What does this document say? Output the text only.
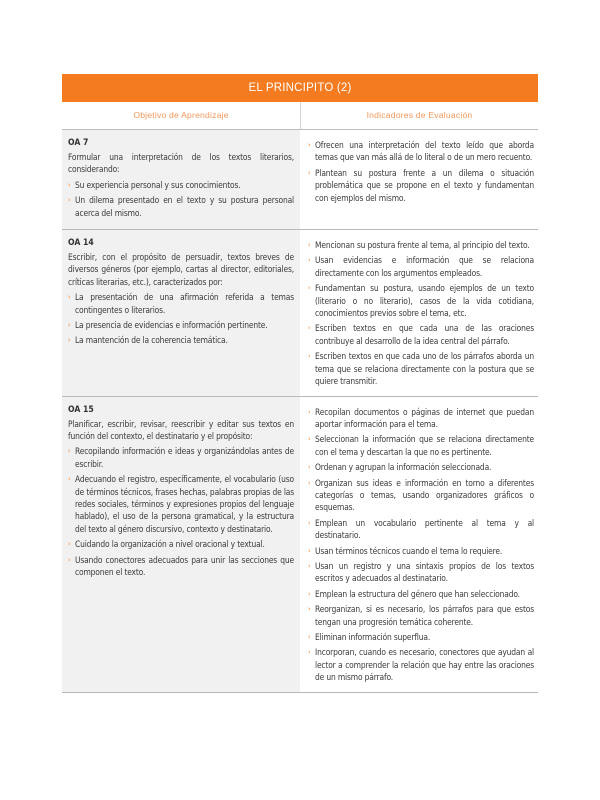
EL PRINCIPITO (2)
Objetivo de Aprendizaje	Indicadores de Evaluación
OA 7
Formular una interpretación de los textos literarios, considerando:
› Su experiencia personal y sus conocimientos.
› Un dilema presentado en el texto y su postura personal acerca del mismo.
› Ofrecen una interpretación del texto leído que aborda temas que van más allá de lo literal o de un mero recuento.
› Plantean su postura frente a un dilema o situación problemática que se propone en el texto y fundamentan con ejemplos del mismo.
OA 14
Escribir, con el propósito de persuadir, textos breves de diversos géneros (por ejemplo, cartas al director, editoriales, críticas literarias, etc.), caracterizados por:
› La presentación de una afirmación referida a temas contingentes o literarios.
› La presencia de evidencias e información pertinente.
› La mantención de la coherencia temática.
› Mencionan su postura frente al tema, al principio del texto.
› Usan evidencias e información que se relaciona directamente con los argumentos empleados.
› Fundamentan su postura, usando ejemplos de un texto (literario o no literario), casos de la vida cotidiana, conocimientos previos sobre el tema, etc.
› Escriben textos en que cada una de las oraciones contribuye al desarrollo de la idea central del párrafo.
› Escriben textos en que cada uno de los párrafos aborda un tema que se relaciona directamente con la postura que se quiere transmitir.
OA 15
Planificar, escribir, revisar, reescribir y editar sus textos en función del contexto, el destinatario y el propósito:
› Recopilando información e ideas y organizándolas antes de escribir.
› Adecuando el registro, específicamente, el vocabulario (uso de términos técnicos, frases hechas, palabras propias de las redes sociales, términos y expresiones propios del lenguaje hablado), el uso de la persona gramatical, y la estructura del texto al género discursivo, contexto y destinatario.
› Cuidando la organización a nivel oracional y textual.
› Usando conectores adecuados para unir las secciones que componen el texto.
› Recopilan documentos o páginas de internet que puedan aportar información para el tema.
› Seleccionan la información que se relaciona directamente con el tema y descartan la que no es pertinente.
› Ordenan y agrupan la información seleccionada.
› Organizan sus ideas e información en torno a diferentes categorías o temas, usando organizadores gráficos o esquemas.
› Emplean un vocabulario pertinente al tema y al destinatario.
› Usan términos técnicos cuando el tema lo requiere.
› Usan un registro y una sintaxis propios de los textos escritos y adecuados al destinatario.
› Emplean la estructura del género que han seleccionado.
› Reorganizan, si es necesario, los párrafos para que estos tengan una progresión temática coherente.
› Eliminan información superflua.
› Incorporan, cuando es necesario, conectores que ayudan al lector a comprender la relación que hay entre las oraciones de un mismo párrafo.
